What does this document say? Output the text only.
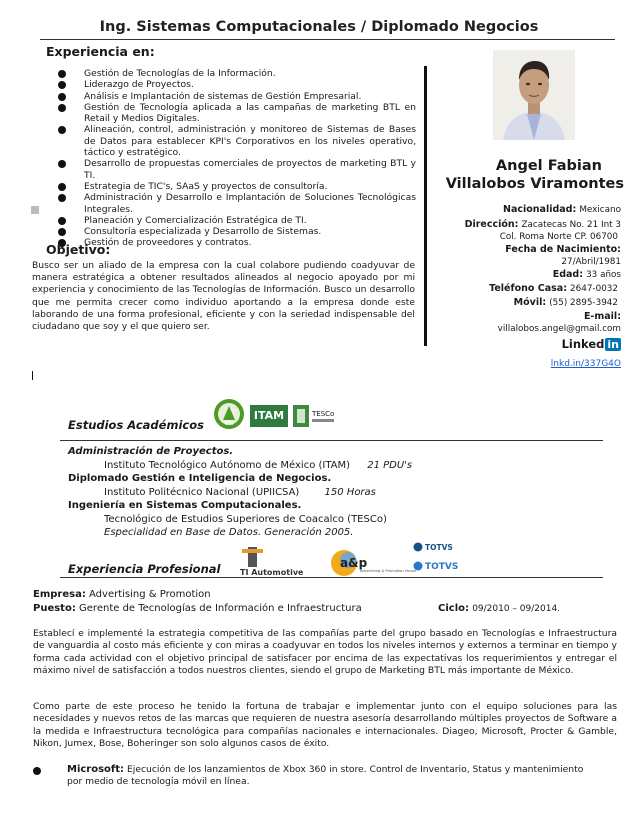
Ing. Sistemas Computacionales / Diplomado Negocios
Experiencia en:
Gestión de Tecnologías de la Información.
Liderazgo de Proyectos.
Análisis e Implantación de sistemas de Gestión Empresarial.
Gestión de Tecnología aplicada a las campañas de marketing BTL en Retail y Medios Digitales.
Alineación, control, administración y monitoreo de Sistemas de Bases de Datos para establecer KPI's Corporativos en los niveles operativo, táctico y estratégico.
Desarrollo de propuestas comerciales de proyectos de marketing BTL y TI.
Estrategia de TIC's, SAaS y proyectos de consultoría.
Administración y Desarrollo e Implantación de Soluciones Tecnológicas Integrales.
Planeación y Comercialización Estratégica de TI.
Consultoría especializada y Desarrollo de Sistemas.
Gestión de proveedores y contratos.
Objetivo:
Busco ser un aliado de la empresa con la cual colabore pudiendo coadyuvar de manera estratégica a obtener resultados alineados al negocio apoyado por mi experiencia y conocimiento de las Tecnologías de Información. Busco un desarrollo que me permita crecer como individuo aportando a la empresa donde este laborando de una forma profesional, eficiente y con la seriedad indispensable del ciudadano que soy y el que quiero ser.
Angel Fabian
Villalobos Viramontes
Nacionalidad: Mexicano
Dirección: Zacatecas No. 21 Int 3
Col. Roma Norte CP. 06700
Fecha de Nacimiento:
27/Abril/1981
Edad: 33 años
Teléfono Casa: 2647-0032
Móvil: (55) 2895-3942
E-mail:
villalobos.angel@gmail.com
Linked in
lnkd.in/337G4O
Estudios Académicos	IPN
ITAM	TESCo
Administración de Proyectos.
Instituto Tecnológico Autónomo de México (ITAM) 21 PDU's
Diplomado Gestión e Inteligencia de Negocios.
Instituto Politécnico Nacional (UPIICSA)	150 Horas
Ingeniería en Sistemas Computacionales.
Tecnológico de Estudios Superiores de Coacalco (TESCo)
Especialidad en Base de Datos. Generación 2005.
Experiencia Profesional TI Automotive
a&p
Advertising & Promotion House
TOTVS
TOTVS
Empresa: Advertising & Promotion
Puesto: Gerente de Tecnologías de Información e Infraestructura	Ciclo: 09/2010 – 09/2014.
Establecí e implementé la estrategia competitiva de las compañías parte del grupo basado en Tecnologías e Infraestructura de vanguardia al costo más eficiente y con miras a coadyuvar en todos los niveles internos y externos a terminar en tiempo y forma cada actividad con el objetivo principal de satisfacer por encima de las expectativas los requerimientos y entregar el máximo nivel de satisfacción a todos nuestros clientes, siendo el grupo de Marketing BTL más importante de México.
Como parte de este proceso he tenido la fortuna de trabajar e implementar junto con el equipo soluciones para las necesidades y nuevos retos de las marcas que requieren de nuestra asesoría desarrollando múltiples proyectos de Software a la medida e Infraestructura tecnológica para compañías nacionales e internacionales. Diageo, Microsoft, Procter & Gamble, Nikon, Jumex, Bose, Boheringer son solo algunos casos de éxito.
Microsoft: Ejecución de los lanzamientos de Xbox 360 in store. Control de Inventario, Status y mantenimiento por medio de tecnología móvil en línea.
